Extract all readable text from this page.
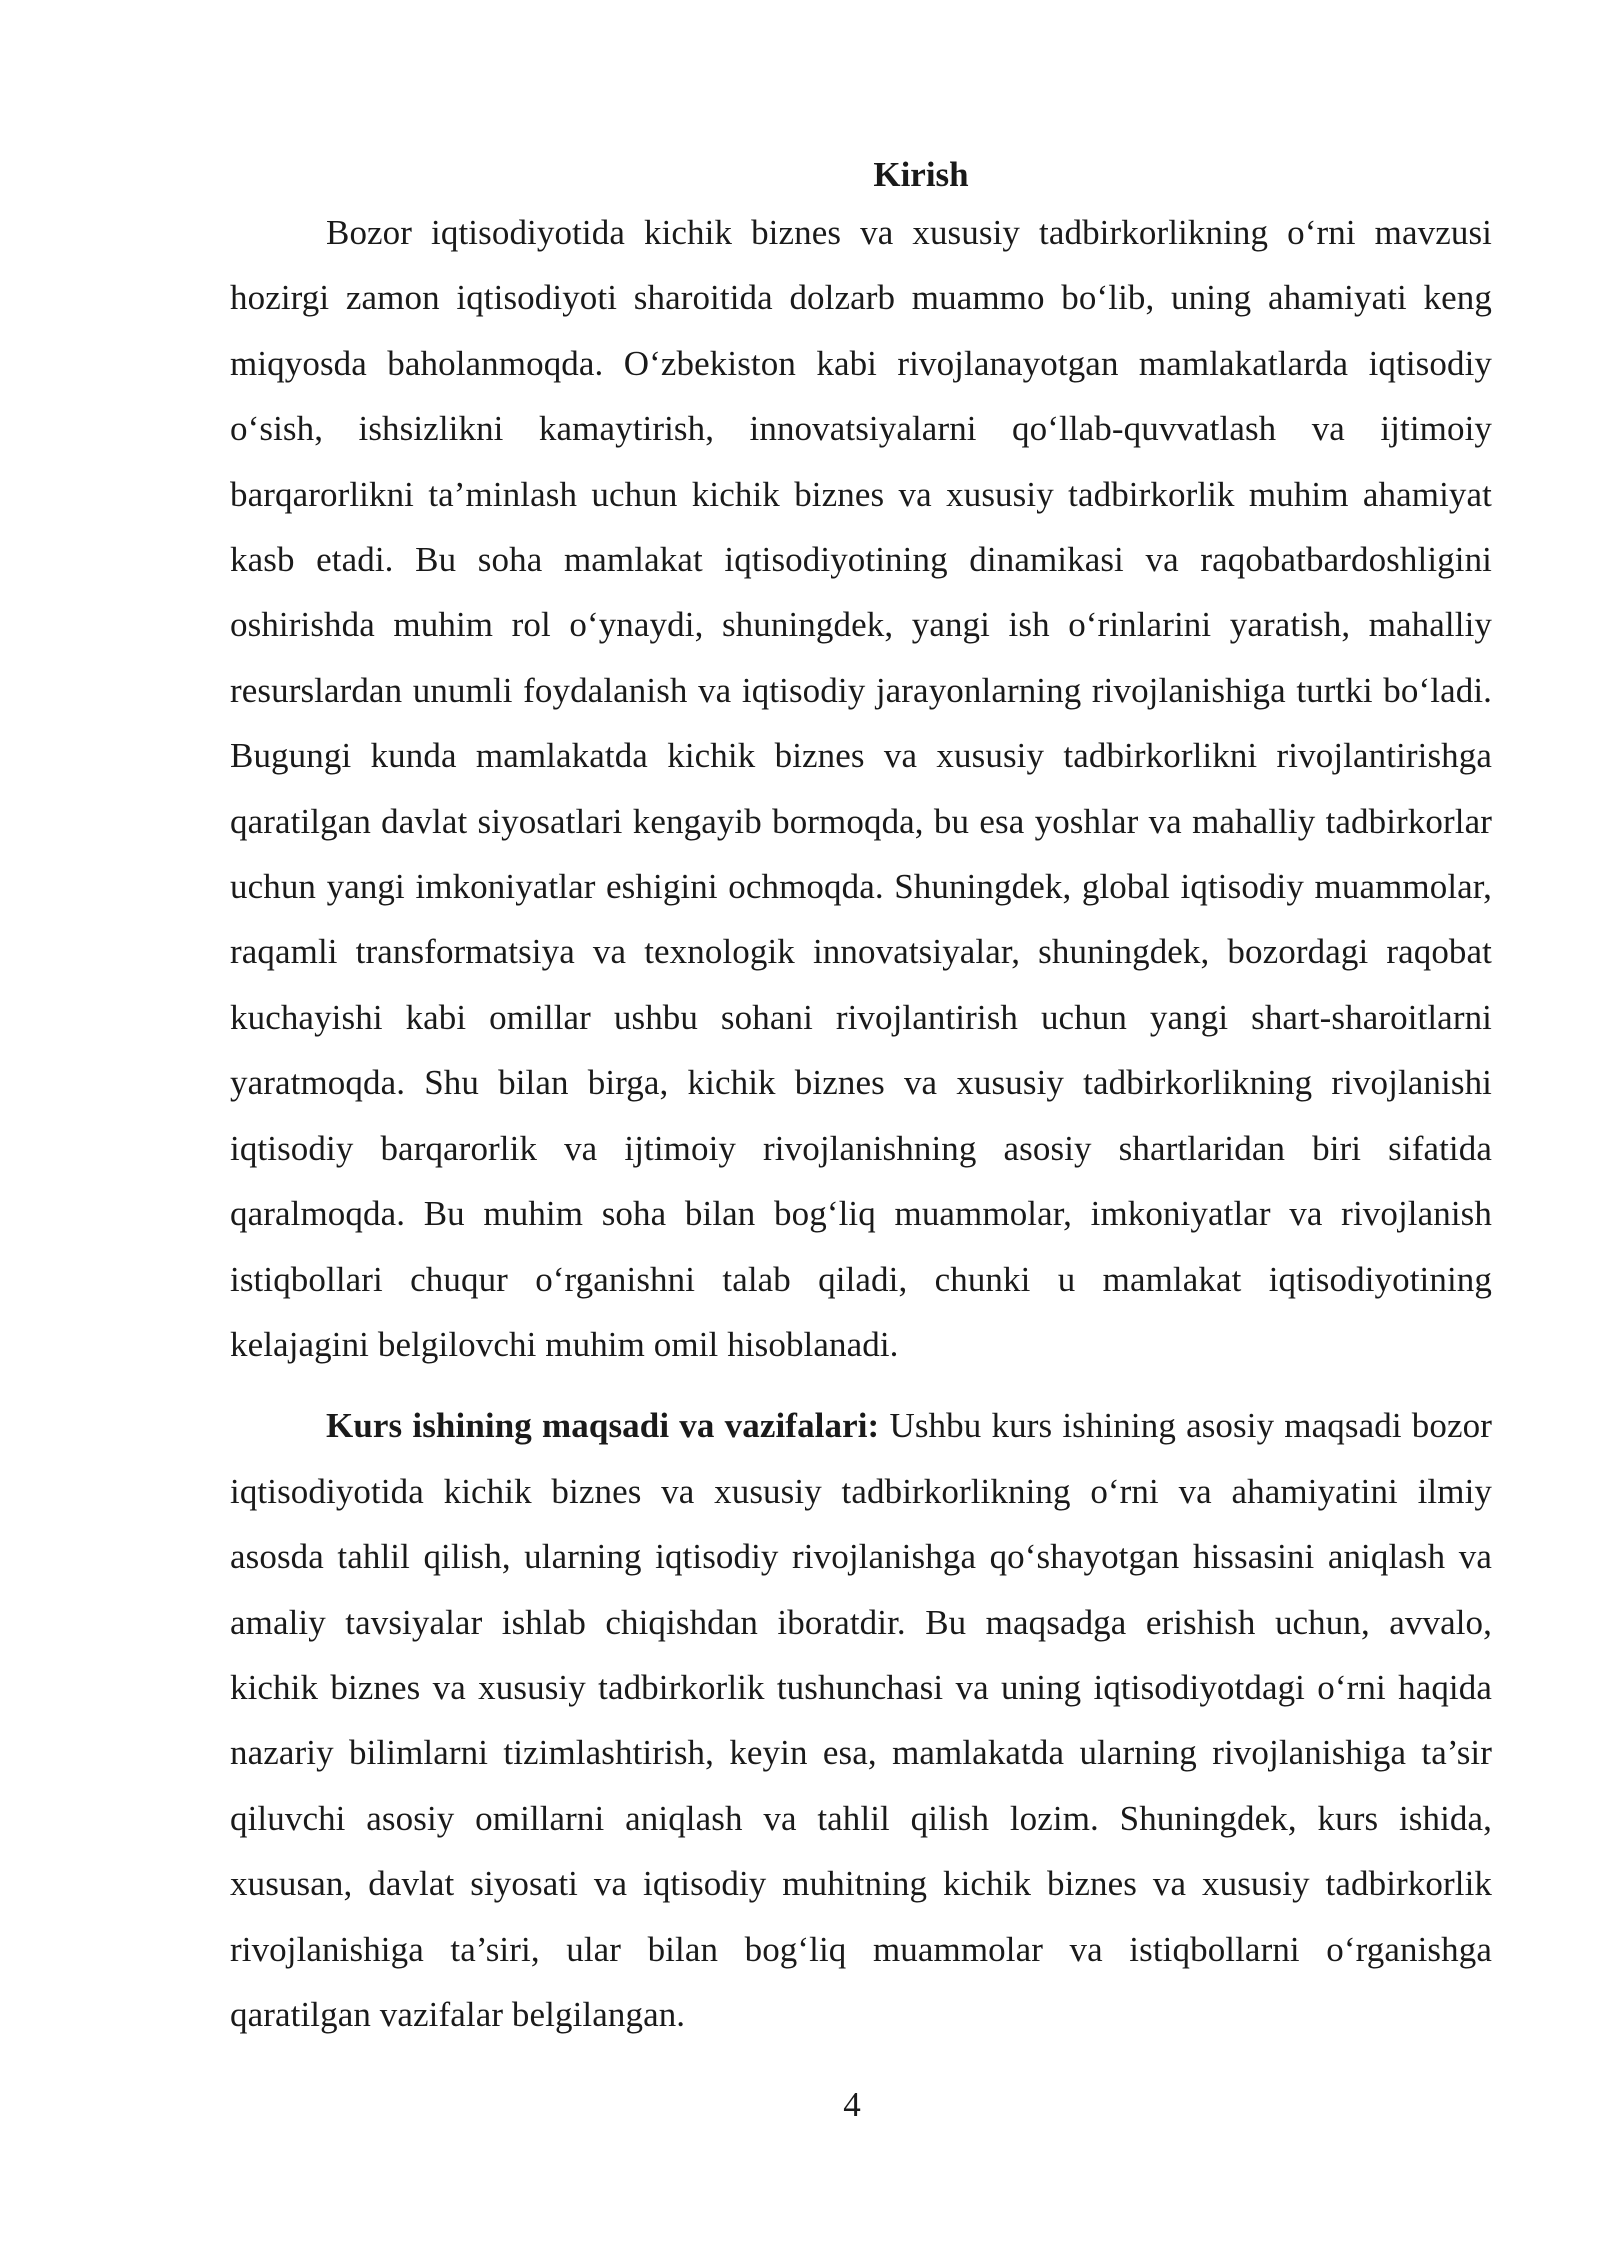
Kirish

Bozor iqtisodiyotida kichik biznes va xususiy tadbirkorlikning o‘rni mavzusi hozirgi zamon iqtisodiyoti sharoitida dolzarb muammo bo‘lib, uning ahamiyati keng miqyosda baholanmoqda. O‘zbekiston kabi rivojlanayotgan mamlakatlarda iqtisodiy o‘sish, ishsizlikni kamaytirish, innovatsiyalarni qo‘llab-quvvatlash va ijtimoiy barqarorlikni ta’minlash uchun kichik biznes va xususiy tadbirkorlik muhim ahamiyat kasb etadi. Bu soha mamlakat iqtisodiyotining dinamikasi va raqobatbardoshligini oshirishda muhim rol o‘ynaydi, shuningdek, yangi ish o‘rinlarini yaratish, mahalliy resurslardan unumli foydalanish va iqtisodiy jarayonlarning rivojlanishiga turtki bo‘ladi. Bugungi kunda mamlakatda kichik biznes va xususiy tadbirkorlikni rivojlantirishga qaratilgan davlat siyosatlari kengayib bormoqda, bu esa yoshlar va mahalliy tadbirkorlar uchun yangi imkoniyatlar eshigini ochmoqda. Shuningdek, global iqtisodiy muammolar, raqamli transformatsiya va texnologik innovatsiyalar, shuningdek, bozordagi raqobat kuchayishi kabi omillar ushbu sohani rivojlantirish uchun yangi shart-sharoitlarni yaratmoqda. Shu bilan birga, kichik biznes va xususiy tadbirkorlikning rivojlanishi iqtisodiy barqarorlik va ijtimoiy rivojlanishning asosiy shartlaridan biri sifatida qaralmoqda. Bu muhim soha bilan bog‘liq muammolar, imkoniyatlar va rivojlanish istiqbollari chuqur o‘rganishni talab qiladi, chunki u mamlakat iqtisodiyotining kelajagini belgilovchi muhim omil hisoblanadi.

Kurs ishining maqsadi va vazifalari: Ushbu kurs ishining asosiy maqsadi bozor iqtisodiyotida kichik biznes va xususiy tadbirkorlikning o‘rni va ahamiyatini ilmiy asosda tahlil qilish, ularning iqtisodiy rivojlanishga qo‘shayotgan hissasini aniqlash va amaliy tavsiyalar ishlab chiqishdan iboratdir. Bu maqsadga erishish uchun, avvalo, kichik biznes va xususiy tadbirkorlik tushunchasi va uning iqtisodiyotdagi o‘rni haqida nazariy bilimlarni tizimlashtirish, keyin esa, mamlakatda ularning rivojlanishiga ta’sir qiluvchi asosiy omillarni aniqlash va tahlil qilish lozim. Shuningdek, kurs ishida, xususan, davlat siyosati va iqtisodiy muhitning kichik biznes va xususiy tadbirkorlik rivojlanishiga ta’siri, ular bilan bog‘liq muammolar va istiqbollarni o‘rganishga qaratilgan vazifalar belgilangan.

4
